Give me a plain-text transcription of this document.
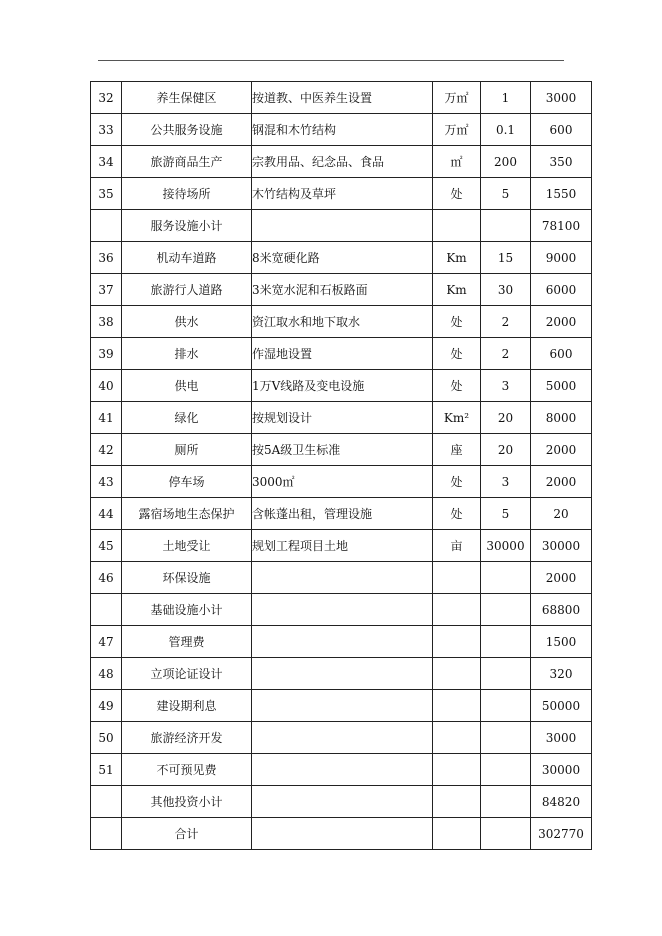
32	养生保健区	按道教、中医养生设置	万㎡	1	3000
33	公共服务设施	钢混和木竹结构	万㎡	0.1	600
34	旅游商品生产	宗教用品、纪念品、食品	㎡	200	350
35	接待场所	木竹结构及草坪	处	5	1550
	服务设施小计				78100
36	机动车道路	8米宽硬化路	Km	15	9000
37	旅游行人道路	3米宽水泥和石板路面	Km	30	6000
38	供水	资江取水和地下取水	处	2	2000
39	排水	作湿地设置	处	2	600
40	供电	1万V线路及变电设施	处	3	5000
41	绿化	按规划设计	Km²	20	8000
42	厕所	按5A级卫生标准	座	20	2000
43	停车场	3000㎡	处	3	2000
44	露宿场地生态保护	含帐蓬出租，管理设施	处	5	20
45	土地受让	规划工程项目土地	亩	30000	30000
46	环保设施				2000
	基础设施小计				68800
47	管理费				1500
48	立项论证设计				320
49	建设期利息				50000
50	旅游经济开发				3000
51	不可预见费				30000
	其他投资小计				84820
	合计				302770
